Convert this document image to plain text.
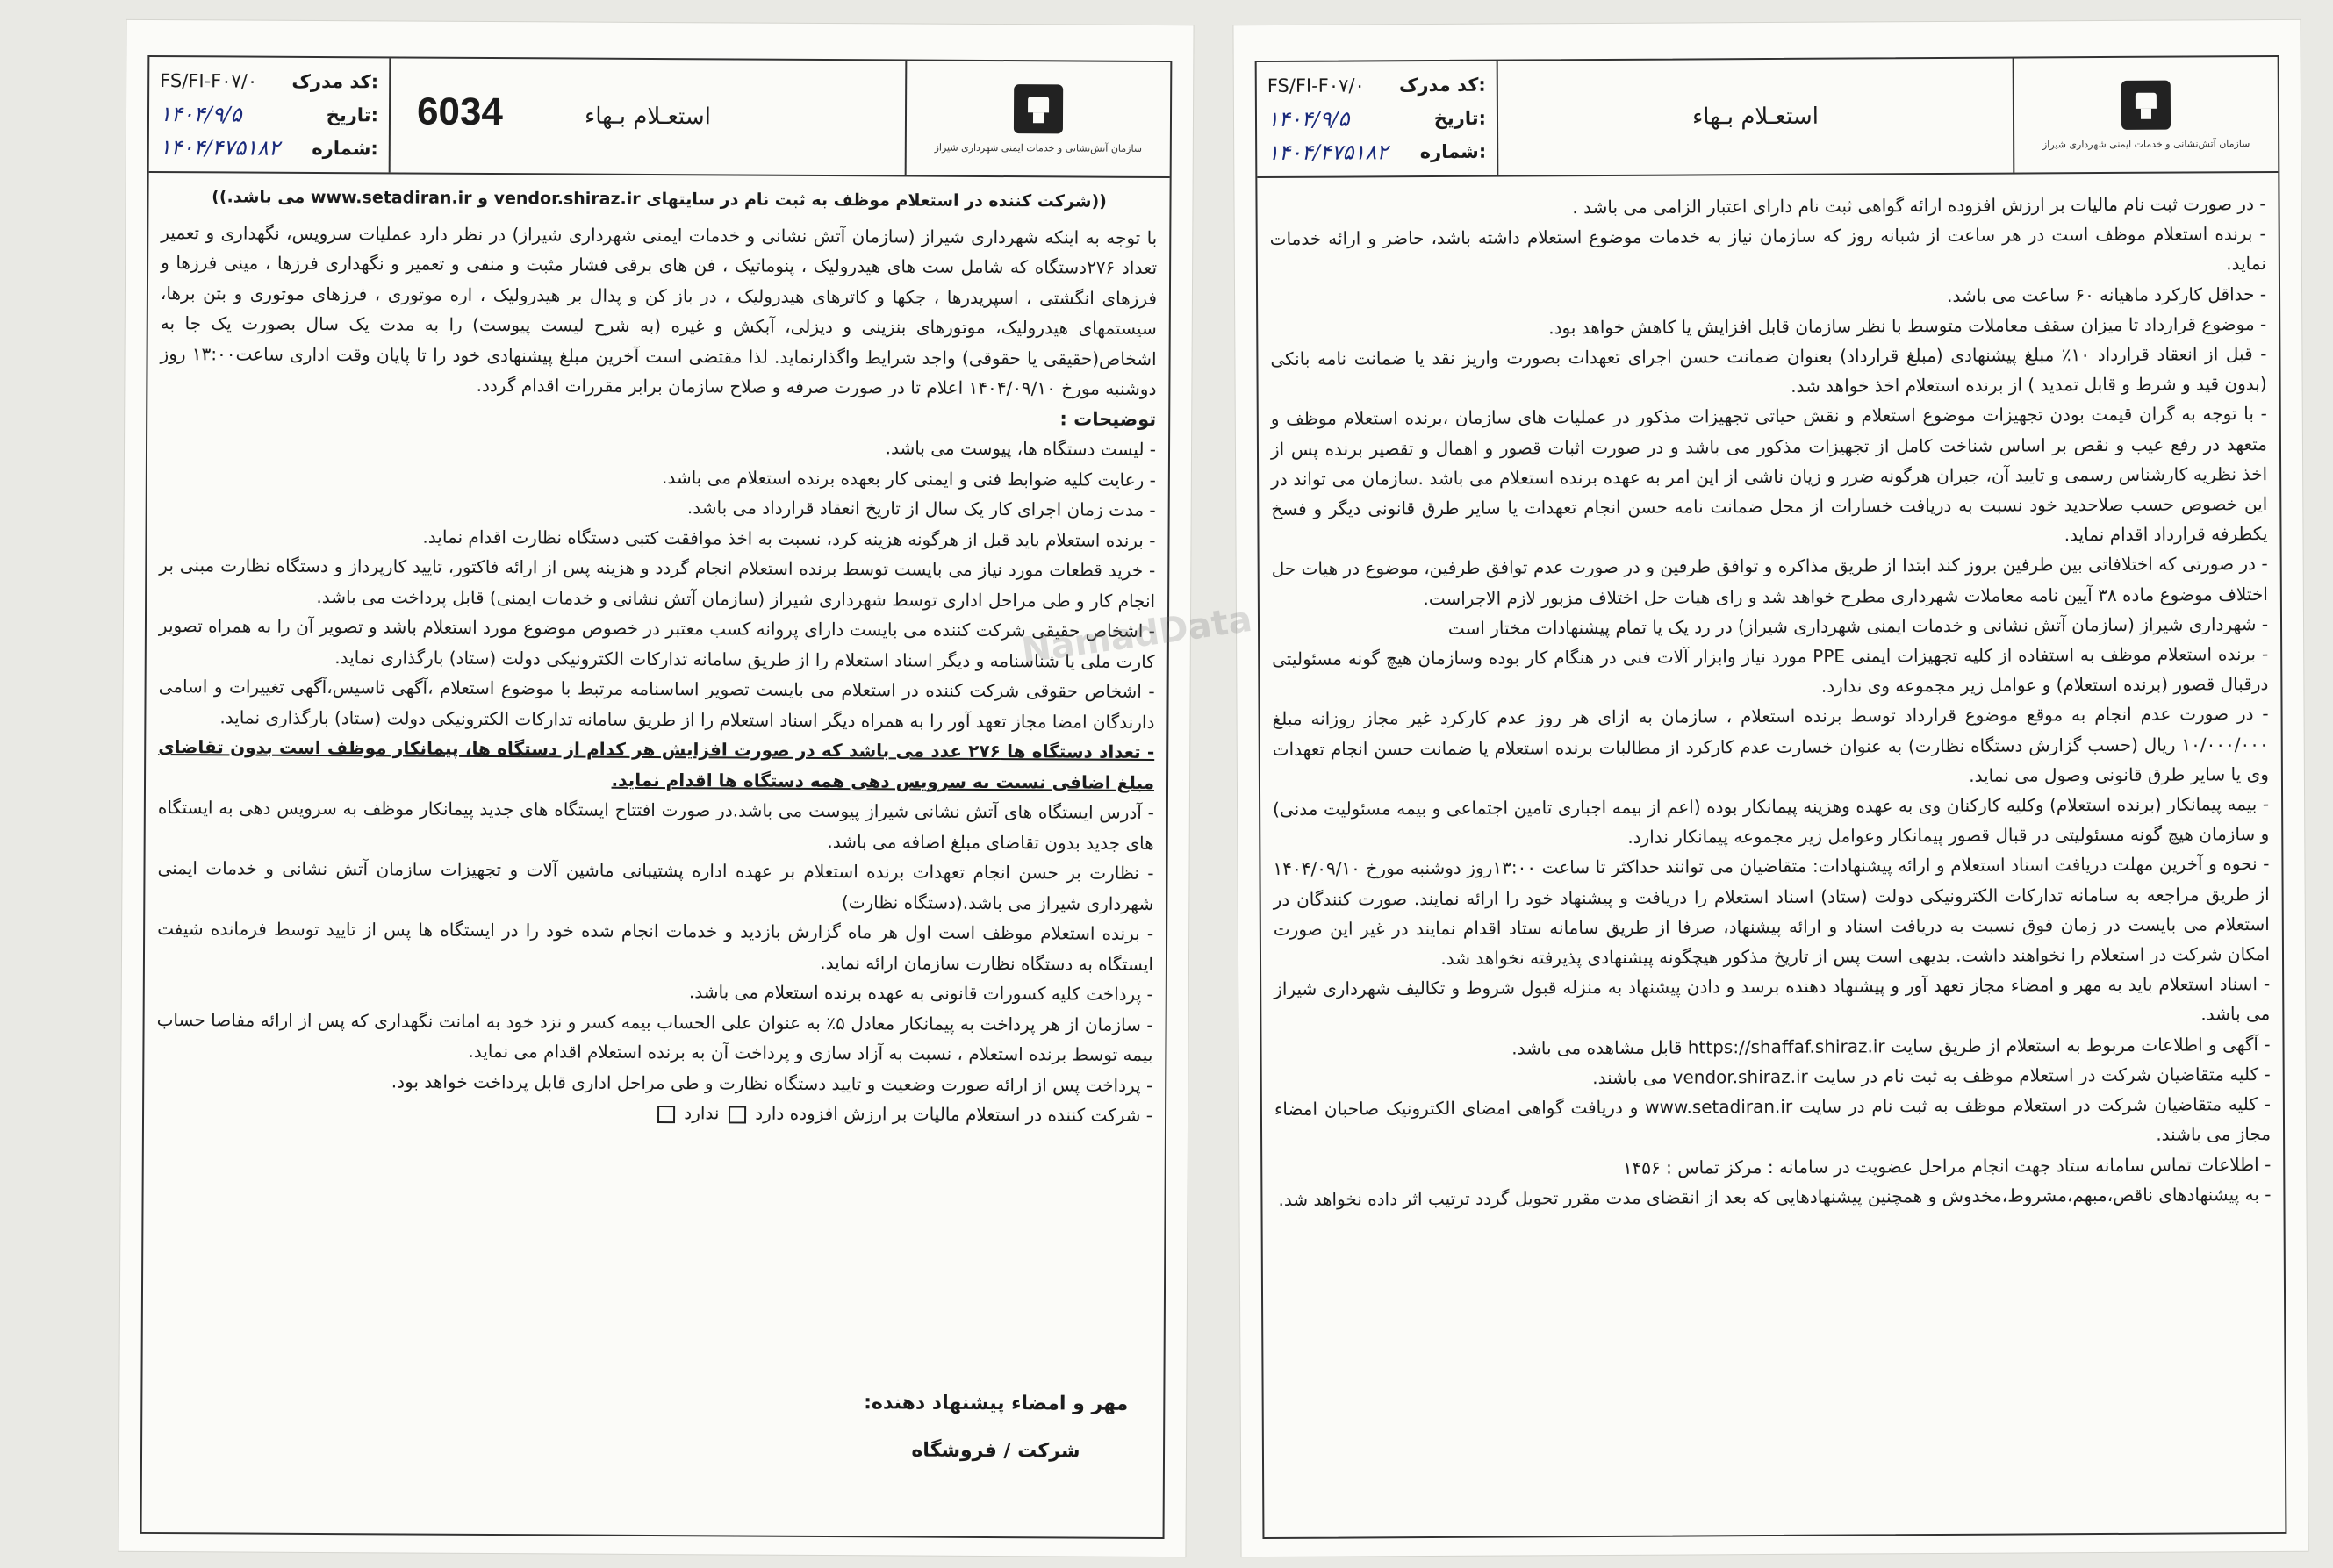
FS/FI-F۰۷/۰ کد مدرک:
۱۴۰۴/۹/۵	تاریخ:
۱۴۰۴/۴۷۵۱۸۲ شماره:
6034	استعـلام بـهاء
سازمان آتش‌نشانی و خدمات ایمنی شهرداری شیراز

((شرکت کننده در استعلام موظف به ثبت نام در سایتهای vendor.shiraz.ir و www.setadiran.ir می باشد.))

با توجه به اینکه شهرداری شیراز (سازمان آتش نشانی و خدمات ایمنی شهرداری شیراز) در نظر دارد عملیات سرویس، نگهداری و تعمیر تعداد ۲۷۶دستگاه که شامل ست های هیدرولیک ، پنوماتیک ، فن های برقی فشار مثبت و منفی و تعمیر و نگهداری فرزها ، مینی فرزها و فرزهای انگشتی ، اسپریدرها ، جکها و کاترهای هیدرولیک ، در باز کن و پدال بر هیدرولیک ، اره موتوری ، فرزهای موتوری و بتن برها، سیستمهای هیدرولیک، موتورهای بنزینی و دیزلی، آبکش و غیره (به شرح لیست پیوست) را به مدت یک سال بصورت یک جا به اشخاص(حقیقی یا حقوقی) واجد شرایط واگذارنماید. لذا مقتضی است آخرین مبلغ پیشنهادی خود را تا پایان وقت اداری ساعت۱۳:۰۰ روز دوشنبه مورخ ۱۴۰۴/۰۹/۱۰ اعلام تا در صورت صرفه و صلاح سازمان برابر مقررات اقدام گردد.

توضیحات :

- لیست دستگاه ها، پیوست می باشد.

- رعایت کلیه ضوابط فنی و ایمنی کار بعهده برنده استعلام می باشد.

- مدت زمان اجرای کار یک سال از تاریخ انعقاد قرارداد می باشد.

- برنده استعلام باید قبل از هرگونه هزینه کرد، نسبت به اخذ موافقت کتبی دستگاه نظارت اقدام نماید.

- خرید قطعات مورد نیاز می بایست توسط برنده استعلام انجام گردد و هزینه پس از ارائه فاکتور، تایید کارپرداز و دستگاه نظارت مبنی بر انجام کار و طی مراحل اداری توسط شهرداری شیراز (سازمان آتش نشانی و خدمات ایمنی) قابل پرداخت می باشد.

- اشخاص حقیقی شرکت کننده می بایست دارای پروانه کسب معتبر در خصوص موضوع مورد استعلام باشد و تصویر آن را به همراه تصویر کارت ملی یا شناسنامه و دیگر اسناد استعلام را از طریق سامانه تدارکات الکترونیکی دولت (ستاد) بارگذاری نماید.

- اشخاص حقوقی شرکت کننده در استعلام می بایست تصویر اساسنامه مرتبط با موضوع استعلام ،آگهی تاسیس،آگهی تغییرات و اسامی دارندگان امضا مجاز تعهد آور را به همراه دیگر اسناد استعلام را از طریق سامانه تدارکات الکترونیکی دولت (ستاد) بارگذاری نماید.

- تعداد دستگاه ها ۲۷۶ عدد می باشد که در صورت افزایش هر کدام از دستگاه ها، پیمانکار موظف است بدون تقاضای مبلغ اضافی نسبت به سرویس دهی همه دستگاه ها اقدام نماید.

- آدرس ایستگاه های آتش نشانی شیراز پیوست می باشد.در صورت افتتاح ایستگاه های جدید پیمانکار موظف به سرویس دهی به ایستگاه های جدید بدون تقاضای مبلغ اضافه می باشد.

- نظارت بر حسن انجام تعهدات برنده استعلام بر عهده اداره پشتیبانی ماشین آلات و تجهیزات سازمان آتش نشانی و خدمات ایمنی شهرداری شیراز می باشد.(دستگاه نظارت)

- برنده استعلام موظف است اول هر ماه گزارش بازدید و خدمات انجام شده خود را در ایستگاه ها پس از تایید توسط فرمانده شیفت ایستگاه به دستگاه نظارت سازمان ارائه نماید.

- پرداخت کلیه کسورات قانونی به عهده برنده استعلام می باشد.

- سازمان از هر پرداخت به پیمانکار معادل ۵٪ به عنوان علی الحساب بیمه کسر و نزد خود به امانت نگهداری که پس از ارائه مفاصا حساب بیمه توسط برنده استعلام ، نسبت به آزاد سازی و پرداخت آن به برنده استعلام اقدام می نماید.

- پرداخت پس از ارائه صورت وضعیت و تایید دستگاه نظارت و طی مراحل اداری قابل پرداخت خواهد بود.

- شرکت کننده در استعلام مالیات بر ارزش افزوده دارد  ندارد

مهر و امضاء پیشنهاد دهنده:
شرکت / فروشگاه
FS/FI-F۰۷/۰ کد مدرک:
۱۴۰۴/۹/۵	تاریخ:
۱۴۰۴/۴۷۵۱۸۲ شماره:
استعـلام بـهاء
سازمان آتش‌نشانی و خدمات ایمنی شهرداری شیراز

- در صورت ثبت نام مالیات بر ارزش افزوده ارائه گواهی ثبت نام دارای اعتبار الزامی می باشد .

- برنده استعلام موظف است در هر ساعت از شبانه روز که سازمان نیاز به خدمات موضوع استعلام داشته باشد، حاضر و ارائه خدمات نماید.

- حداقل کارکرد ماهیانه ۶۰ ساعت می باشد.

- موضوع قرارداد تا میزان سقف معاملات متوسط با نظر سازمان قابل افزایش یا کاهش خواهد بود.

- قبل از انعقاد قرارداد ۱۰٪ مبلغ پیشنهادی (مبلغ قرارداد) بعنوان ضمانت حسن اجرای تعهدات بصورت واریز نقد یا ضمانت نامه بانکی (بدون قید و شرط و قابل تمدید ) از برنده استعلام اخذ خواهد شد.

- با توجه به گران قیمت بودن تجهیزات موضوع استعلام و نقش حیاتی تجهیزات مذکور در عملیات های سازمان ،برنده استعلام موظف و متعهد در رفع عیب و نقص بر اساس شناخت کامل از تجهیزات مذکور می باشد و در صورت اثبات قصور و اهمال و تقصیر برنده پس از اخذ نظریه کارشناس رسمی و تایید آن، جبران هرگونه ضرر و زیان ناشی از این امر به عهده برنده استعلام می باشد .سازمان می تواند در این خصوص حسب صلاحدید خود نسبت به دریافت خسارات از محل ضمانت نامه حسن انجام تعهدات یا سایر طرق قانونی دیگر و فسخ یکطرفه قرارداد اقدام نماید.

- در صورتی که اختلافاتی بین طرفین بروز کند ابتدا از طریق مذاکره و توافق طرفین و در صورت عدم توافق طرفین، موضوع در هیات حل اختلاف موضوع ماده ۳۸ آیین نامه معاملات شهرداری مطرح خواهد شد و رای هیات حل اختلاف مزبور لازم الاجراست.

- شهرداری شیراز (سازمان آتش نشانی و خدمات ایمنی شهرداری شیراز) در رد یک یا تمام پیشنهادات مختار است

- برنده استعلام موظف به استفاده از کلیه تجهیزات ایمنی PPE مورد نیاز وابزار آلات فنی در هنگام کار بوده وسازمان هیچ گونه مسئولیتی درقبال قصور (برنده استعلام) و عوامل زیر مجموعه وی ندارد.

- در صورت عدم انجام به موقع موضوع قرارداد توسط برنده استعلام ، سازمان به ازای هر روز عدم کارکرد غیر مجاز روزانه مبلغ ۱۰/۰۰۰/۰۰۰ ریال (حسب گزارش دستگاه نظارت) به عنوان خسارت عدم کارکرد از مطالبات برنده استعلام یا ضمانت حسن انجام تعهدات وی یا سایر طرق قانونی وصول می نماید.

- بیمه پیمانکار (برنده استعلام) وکلیه کارکنان وی به عهده وهزینه پیمانکار بوده (اعم از بیمه اجباری تامین اجتماعی و بیمه مسئولیت مدنی) و سازمان هیچ گونه مسئولیتی در قبال قصور پیمانکار وعوامل زیر مجموعه پیمانکار ندارد.

- نحوه و آخرین مهلت دریافت اسناد استعلام و ارائه پیشنهادات: متقاضیان می توانند حداکثر تا ساعت ۱۳:۰۰روز دوشنبه مورخ ۱۴۰۴/۰۹/۱۰ از طریق مراجعه به سامانه تدارکات الکترونیکی دولت (ستاد) اسناد استعلام را دریافت و پیشنهاد خود را ارائه نمایند. صورت کنندگان در استعلام می بایست در زمان فوق نسبت به دریافت اسناد و ارائه پیشنهاد، صرفا از طریق سامانه ستاد اقدام نمایند در غیر این صورت امکان شرکت در استعلام را نخواهند داشت. بدیهی است پس از تاریخ مذکور هیچگونه پیشنهادی پذیرفته نخواهد شد.

- اسناد استعلام باید به مهر و امضاء مجاز تعهد آور و پیشنهاد دهنده برسد و دادن پیشنهاد به منزله قبول شروط و تکالیف شهرداری شیراز می باشد.

- آگهی و اطلاعات مربوط به استعلام از طریق سایت https://shaffaf.shiraz.ir قابل مشاهده می باشد.

- کلیه متقاضیان شرکت در استعلام موظف به ثبت نام در سایت vendor.shiraz.ir می باشند.

- کلیه متقاضیان شرکت در استعلام موظف به ثبت نام در سایت www.setadiran.ir و دریافت گواهی امضای الکترونیک صاحبان امضاء مجاز می باشند.

- اطلاعات تماس سامانه ستاد جهت انجام مراحل عضویت در سامانه : مرکز تماس : ۱۴۵۶

- به پیشنهادهای ناقص،مبهم،مشروط،مخدوش و همچنین پیشنهادهایی که بعد از انقضای مدت مقرر تحویل گردد ترتیب اثر داده نخواهد شد.

NamadData
